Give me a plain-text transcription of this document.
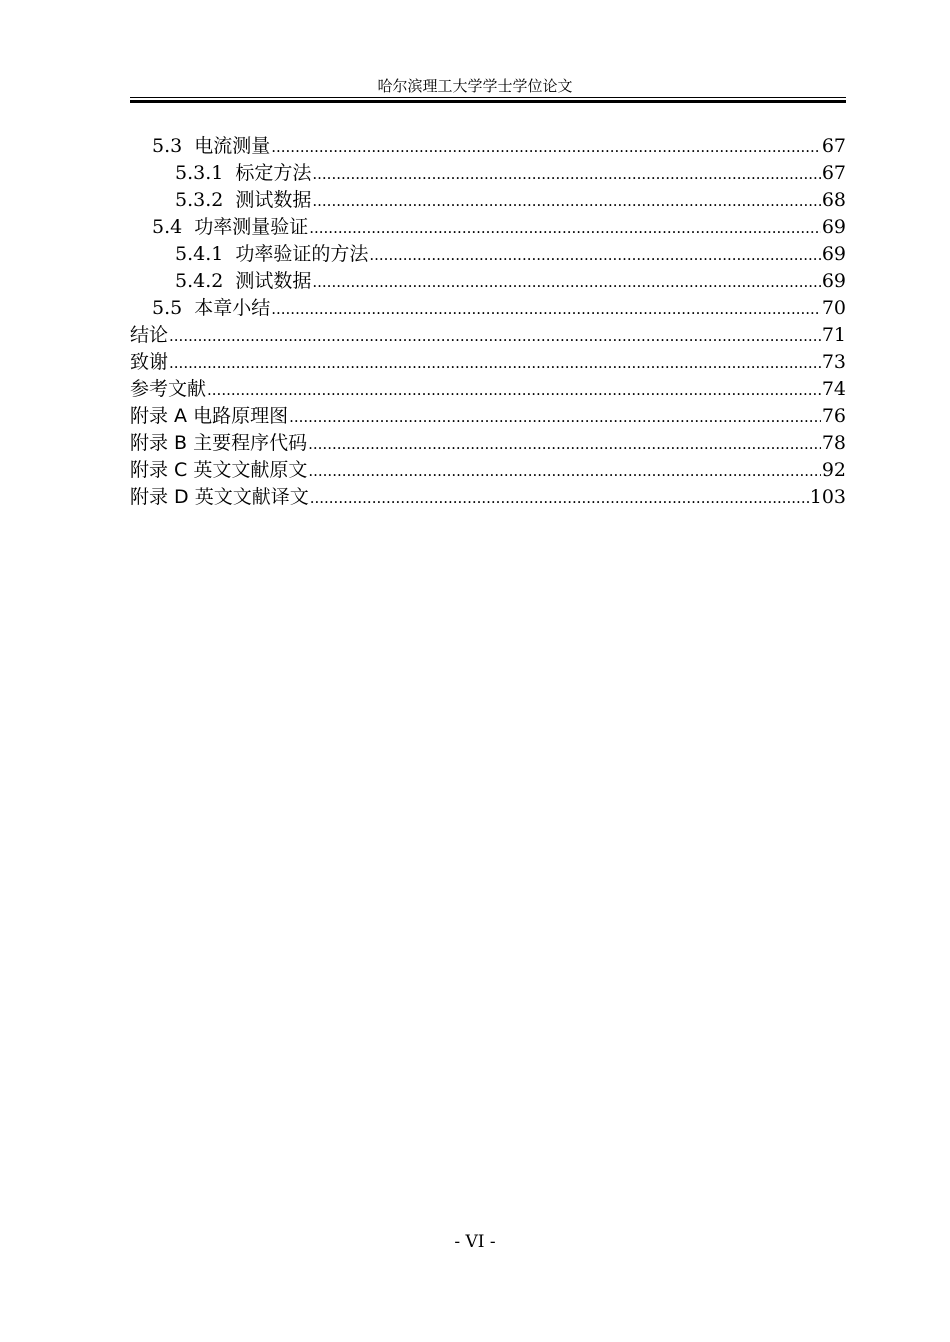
哈尔滨理工大学学士学位论文
5.3 电流测量 .....	67
5.3.1 标定方法 .....	67
5.3.2 测试数据 .....	68
5.4 功率测量验证 .....	69
5.4.1 功率验证的方法 .....	69
5.4.2 测试数据 .....	69
5.5 本章小结 .....	70
结论 .....	71
致谢 .....	73
参考文献 .....	74
附录 A 电路原理图 .....	76
附录 B 主要程序代码 .....	78
附录 C 英文文献原文 .....	92
附录 D 英文文献译文 .....	103
- VI -
